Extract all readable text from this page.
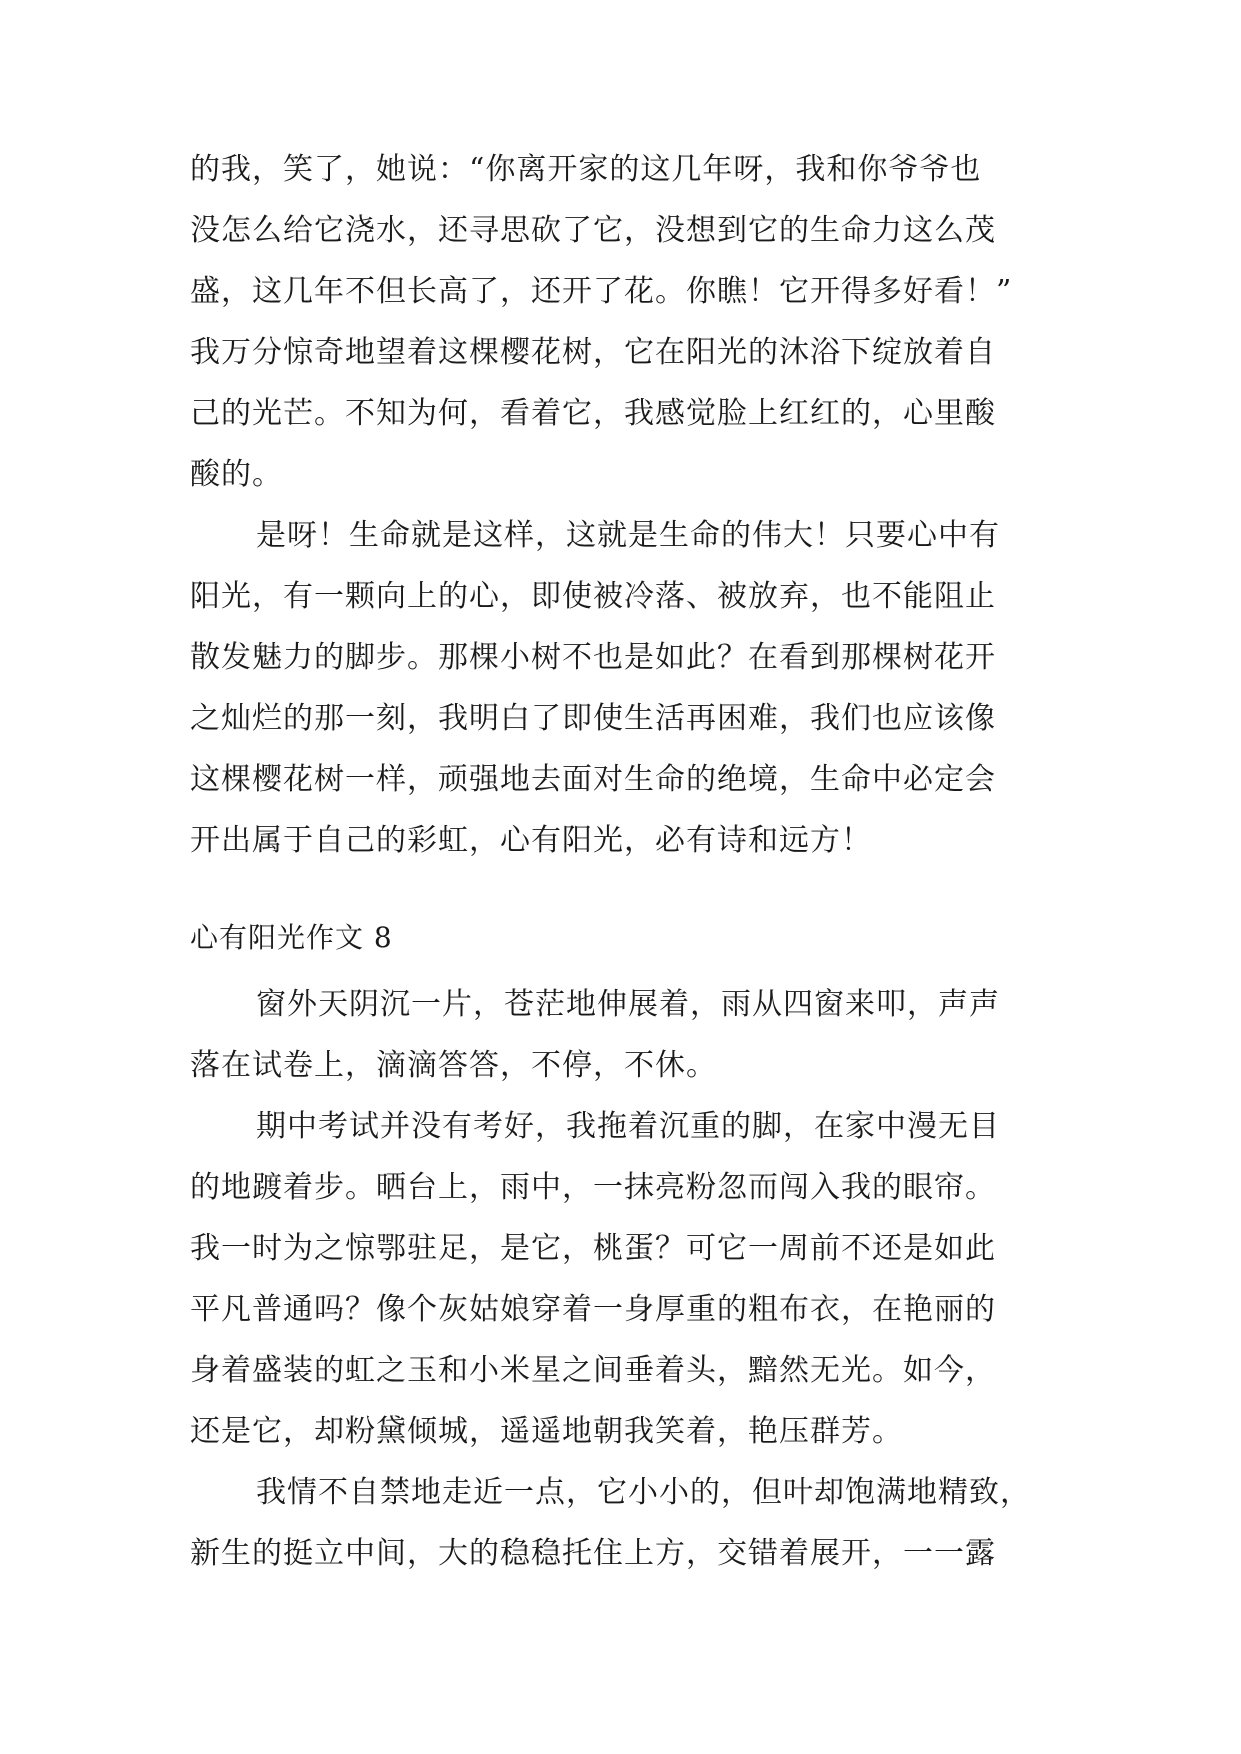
的我，笑了，她说：“你离开家的这几年呀，我和你爷爷也
没怎么给它浇水，还寻思砍了它，没想到它的生命力这么茂
盛，这几年不但长高了，还开了花。你瞧！它开得多好看！”
我万分惊奇地望着这棵樱花树，它在阳光的沐浴下绽放着自
己的光芒。不知为何，看着它，我感觉脸上红红的，心里酸
酸的。
是呀！生命就是这样，这就是生命的伟大！只要心中有
阳光，有一颗向上的心，即使被冷落、被放弃，也不能阻止
散发魅力的脚步。那棵小树不也是如此？在看到那棵树花开
之灿烂的那一刻，我明白了即使生活再困难，我们也应该像
这棵樱花树一样，顽强地去面对生命的绝境，生命中必定会
开出属于自己的彩虹，心有阳光，必有诗和远方！
心有阳光作文 8
窗外天阴沉一片，苍茫地伸展着，雨从四窗来叩，声声
落在试卷上，滴滴答答，不停，不休。
期中考试并没有考好，我拖着沉重的脚，在家中漫无目
的地踱着步。晒台上，雨中，一抹亮粉忽而闯入我的眼帘。
我一时为之惊鄂驻足，是它，桃蛋？可它一周前不还是如此
平凡普通吗？像个灰姑娘穿着一身厚重的粗布衣，在艳丽的
身着盛装的虹之玉和小米星之间垂着头，黯然无光。如今，
还是它，却粉黛倾城，遥遥地朝我笑着，艳压群芳。
我情不自禁地走近一点，它小小的，但叶却饱满地精致，
新生的挺立中间，大的稳稳托住上方，交错着展开，一一露
